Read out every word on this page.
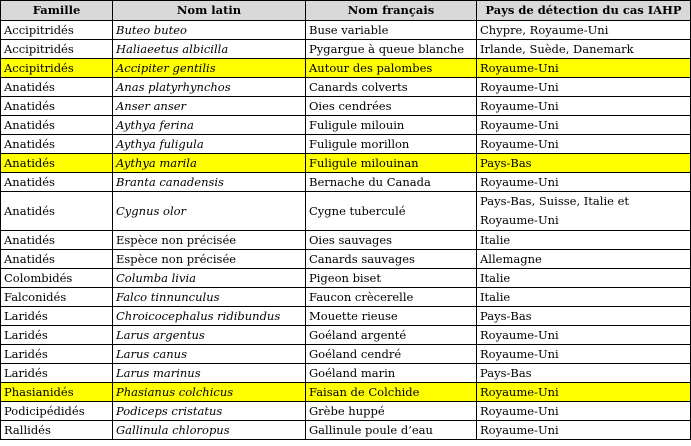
Famille	Nom latin	Nom français	Pays de détection du cas IAHP
Accipitridés	Buteo buteo	Buse variable	Chypre, Royaume-Uni
Accipitridés	Haliaeetus albicilla	Pygargue à queue blanche	Irlande, Suède, Danemark
Accipitridés	Accipiter gentilis	Autour des palombes	Royaume-Uni
Anatidés	Anas platyrhynchos	Canards colverts	Royaume-Uni
Anatidés	Anser anser	Oies cendrées	Royaume-Uni
Anatidés	Aythya ferina	Fuligule milouin	Royaume-Uni
Anatidés	Aythya fuligula	Fuligule morillon	Royaume-Uni
Anatidés	Aythya marila	Fuligule milouinan	Pays-Bas
Anatidés	Branta canadensis	Bernache du Canada	Royaume-Uni
Anatidés	Cygnus olor	Cygne tuberculé	Pays-Bas, Suisse, Italie et Royaume-Uni
Anatidés	Espèce non précisée	Oies sauvages	Italie
Anatidés	Espèce non précisée	Canards sauvages	Allemagne
Colombidés	Columba livia	Pigeon biset	Italie
Falconidés	Falco tinnunculus	Faucon crècerelle	Italie
Laridés	Chroicocephalus ridibundus	Mouette rieuse	Pays-Bas
Laridés	Larus argentus	Goéland argenté	Royaume-Uni
Laridés	Larus canus	Goéland cendré	Royaume-Uni
Laridés	Larus marinus	Goéland marin	Pays-Bas
Phasianidés	Phasianus colchicus	Faisan de Colchide	Royaume-Uni
Podicipédidés	Podiceps cristatus	Grèbe huppé	Royaume-Uni
Rallidés	Gallinula chloropus	Gallinule poule d’eau	Royaume-Uni
